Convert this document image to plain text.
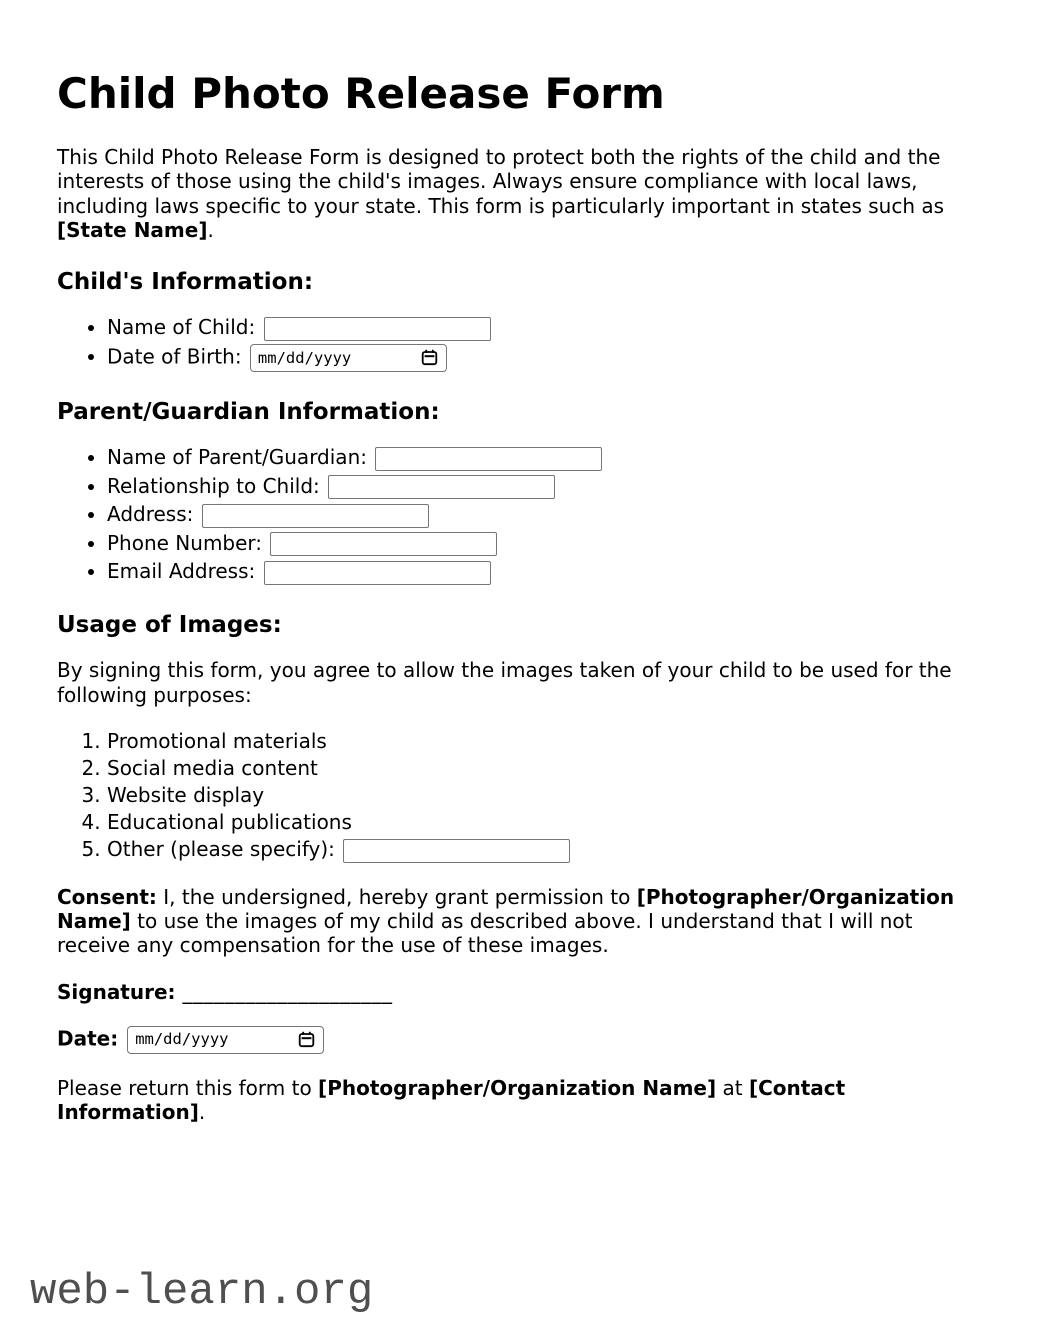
Child Photo Release Form

This Child Photo Release Form is designed to protect both the rights of the child and the interests of those using the child's images. Always ensure compliance with local laws, including laws specific to your state. This form is particularly important in states such as [State Name].

Child's Information:
• Name of Child:
• Date of Birth: mm/dd/yyyy
Parent/Guardian Information:
• Name of Parent/Guardian:
• Relationship to Child:
• Address:
• Phone Number:
• Email Address:
Usage of Images:

By signing this form, you agree to allow the images taken of your child to be used for the following purposes:

1. Promotional materials
2. Social media content
3. Website display
4. Educational publications
5. Other (please specify):

Consent: I, the undersigned, hereby grant permission to [Photographer/Organization Name] to use the images of my child as described above. I understand that I will not receive any compensation for the use of these images.

Signature: ____________________

Date: mm/dd/yyyy

Please return this form to [Photographer/Organization Name] at [Contact Information].

web-learn.org
